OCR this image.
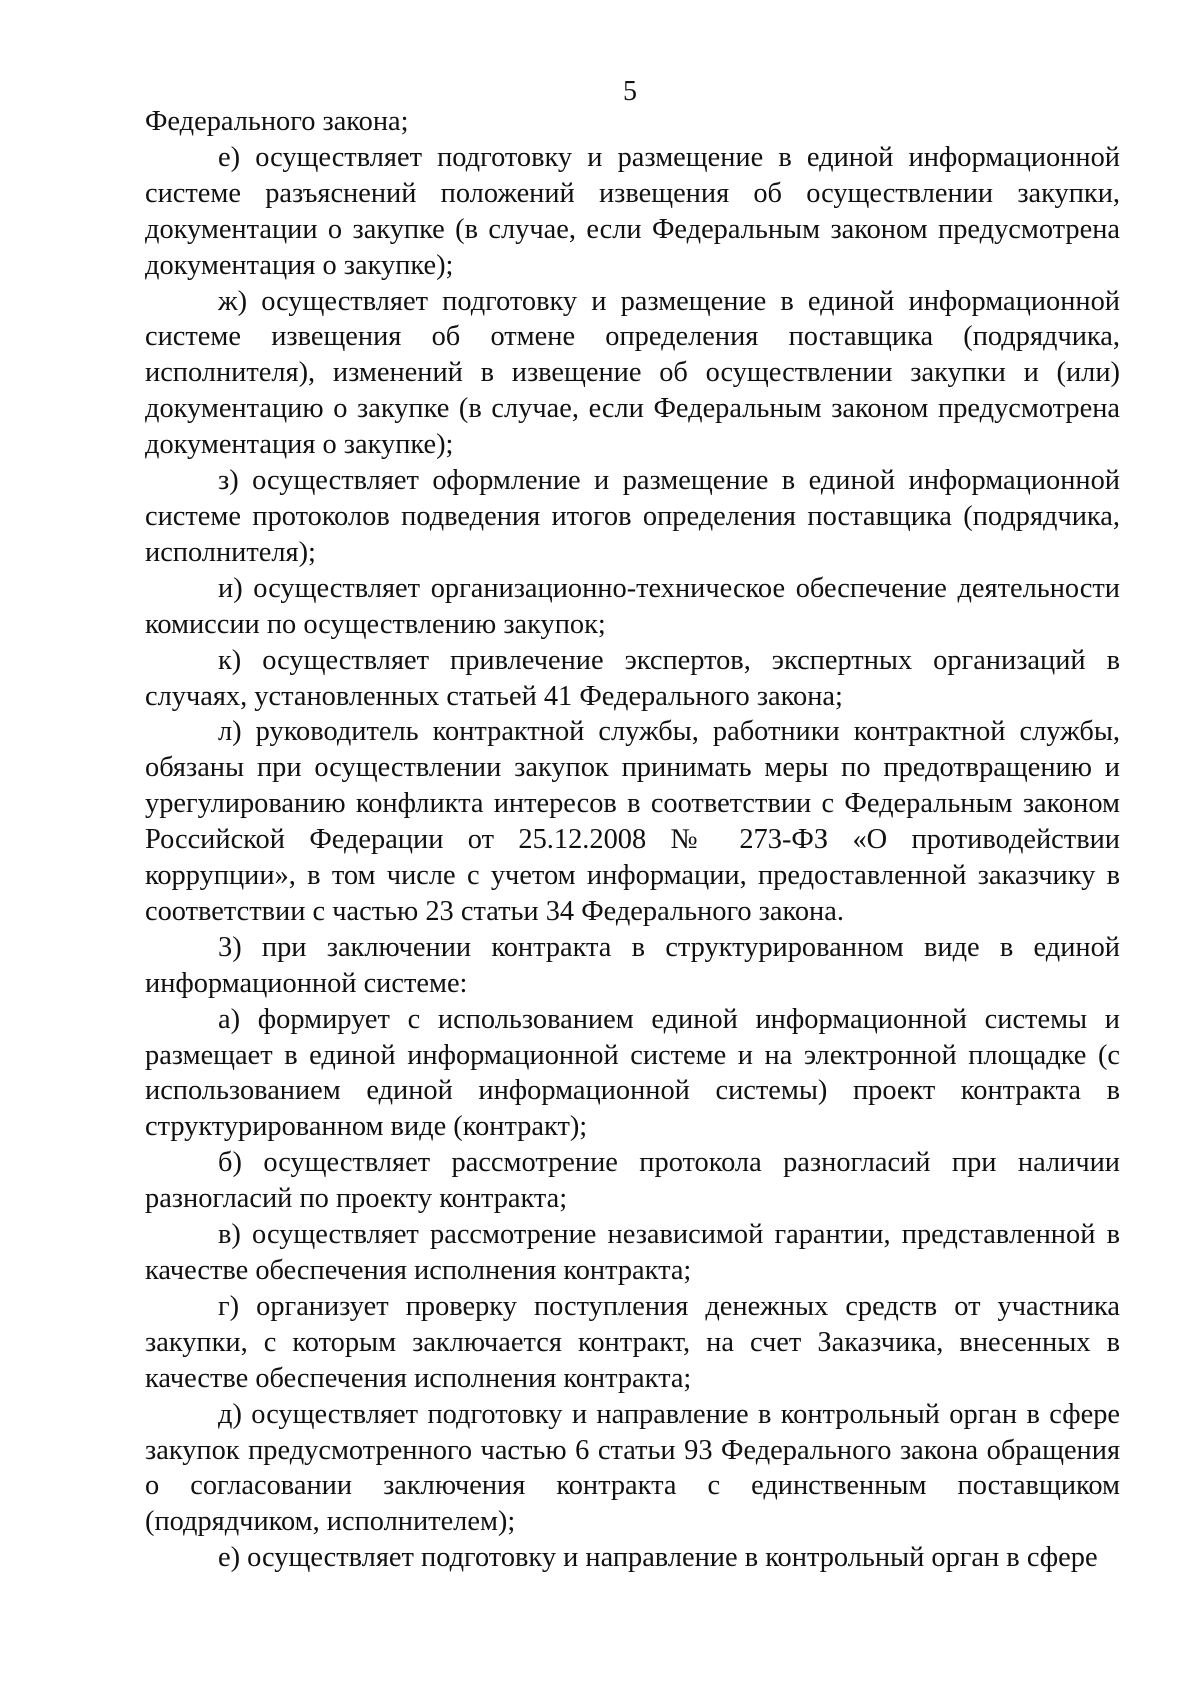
5

Федерального закона;

е) осуществляет подготовку и размещение в единой информационной системе разъяснений положений извещения об осуществлении закупки, документации о закупке (в случае, если Федеральным законом предусмотрена документация о закупке);

ж) осуществляет подготовку и размещение в единой информационной системе извещения об отмене определения поставщика (подрядчика, исполнителя), изменений в извещение об осуществлении закупки и (или) документацию о закупке (в случае, если Федеральным законом предусмотрена документация о закупке);

з) осуществляет оформление и размещение в единой информационной системе протоколов подведения итогов определения поставщика (подрядчика, исполнителя);

и) осуществляет организационно-техническое обеспечение деятельности комиссии по осуществлению закупок;

к) осуществляет привлечение экспертов, экспертных организаций в случаях, установленных статьей 41 Федерального закона;

л) руководитель контрактной службы, работники контрактной службы, обязаны при осуществлении закупок принимать меры по предотвращению и урегулированию конфликта интересов в соответствии с Федеральным законом Российской Федерации от 25.12.2008 № 273-ФЗ «О противодействии коррупции», в том числе с учетом информации, предоставленной заказчику в соответствии с частью 23 статьи 34 Федерального закона.

3) при заключении контракта в структурированном виде в единой информационной системе:

а) формирует с использованием единой информационной системы и размещает в единой информационной системе и на электронной площадке (с использованием единой информационной системы) проект контракта в структурированном виде (контракт);

б) осуществляет рассмотрение протокола разногласий при наличии разногласий по проекту контракта;

в) осуществляет рассмотрение независимой гарантии, представленной в качестве обеспечения исполнения контракта;

г) организует проверку поступления денежных средств от участника закупки, с которым заключается контракт, на счет Заказчика, внесенных в качестве обеспечения исполнения контракта;

д) осуществляет подготовку и направление в контрольный орган в сфере закупок предусмотренного частью 6 статьи 93 Федерального закона обращения о согласовании заключения контракта с единственным поставщиком (подрядчиком, исполнителем);

е) осуществляет подготовку и направление в контрольный орган в сфере
